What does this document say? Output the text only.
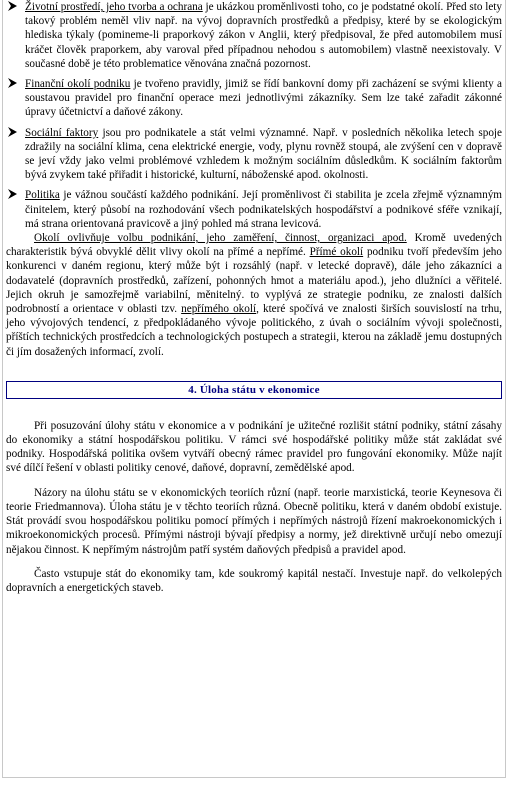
Životní prostředí, jeho tvorba a ochrana je ukázkou proměnlivosti toho, co je podstatné okolí. Před sto lety takový problém neměl vliv např. na vývoj dopravních prostředků a předpisy, které by se ekologickým hlediska týkaly (pomineme-li praporkový zákon v Anglii, který předpisoval, že před automobilem musí kráčet člověk praporkem, aby varoval před případnou nehodou s automobilem) vlastně neexistovaly. V současné době je této problematice věnována značná pozornost.
Finanční okolí podniku je tvořeno pravidly, jimiž se řídí bankovní domy při zacházení se svými klienty a soustavou pravidel pro finanční operace mezi jednotlivými zákazníky. Sem lze také zařadit zákonné úpravy účetnictví a daňové zákony.
Sociální faktory jsou pro podnikatele a stát velmi významné. Např. v posledních několika letech spoje zdražily na sociální klima, cena elektrické energie, vody, plynu rovněž stoupá, ale zvýšení cen v dopravě se jeví vždy jako velmi problémové vzhledem k možným sociálním důsledkům. K sociálním faktorům bývá zvykem také přiřadit i historické, kulturní, náboženské apod. okolnosti.
Politika je vážnou součástí každého podnikání. Její proměnlivost či stabilita je zcela zřejmě významným činitelem, který působí na rozhodování všech podnikatelských hospodářství a podnikové sféře vznikají, má strana orientovaná pravicově a jiný pohled má strana levicová.
Okolí ovlivňuje volbu podnikání, jeho zaměření, činnost, organizaci apod. Kromě uvedených charakteristik bývá obvyklé dělit vlivy okolí na přímé a nepřímé. Přímé okolí podniku tvoří především jeho konkurenci v daném regionu, který může být i rozsáhlý (např. v letecké dopravě), dále jeho zákazníci a dodavatelé (dopravních prostředků, zařízení, pohonných hmot a materiálu apod.), jeho dlužníci a věřitelé. Jejich okruh je samozřejmě variabilní, měnitelný. to vyplývá ze strategie podniku, ze znalosti dalších podrobností a orientace v oblasti tzv. nepřímého okolí, které spočívá ve znalosti širších souvislostí na trhu, jeho vývojových tendencí, z předpokládaného vývoje politického, z úvah o sociálním vývoji společnosti, příštích technických prostředcích a technologických postupech a strategii, kterou na základě jemu dostupných či jím dosažených informací, zvolí.
4. Úloha státu v ekonomice
Při posuzování úlohy státu v ekonomice a v podnikání je užitečné rozlišit státní podniky, státní zásahy do ekonomiky a státní hospodářskou politiku. V rámci své hospodářské politiky může stát zakládat své podniky. Hospodářská politika ovšem vytváří obecný rámec pravidel pro fungování ekonomiky. Může najít své dílčí řešení v oblasti politiky cenové, daňové, dopravní, zemědělské apod.
Názory na úlohu státu se v ekonomických teoriích různí (např. teorie marxistická, teorie Keynesova či teorie Friedmannova). Úloha státu je v těchto teoriích různá. Obecně politiku, která v daném období existuje. Stát provádí svou hospodářskou politiku pomocí přímých i nepřímých nástrojů řízení makroekonomických i mikroekonomických procesů. Přímými nástroji bývají předpisy a normy, jež direktivně určují nebo omezují nějakou činnost. K nepřímým nástrojům patří systém daňových předpisů a pravidel apod.
Často vstupuje stát do ekonomiky tam, kde soukromý kapitál nestačí. Investuje např. do velkolepých dopravních a energetických staveb.
